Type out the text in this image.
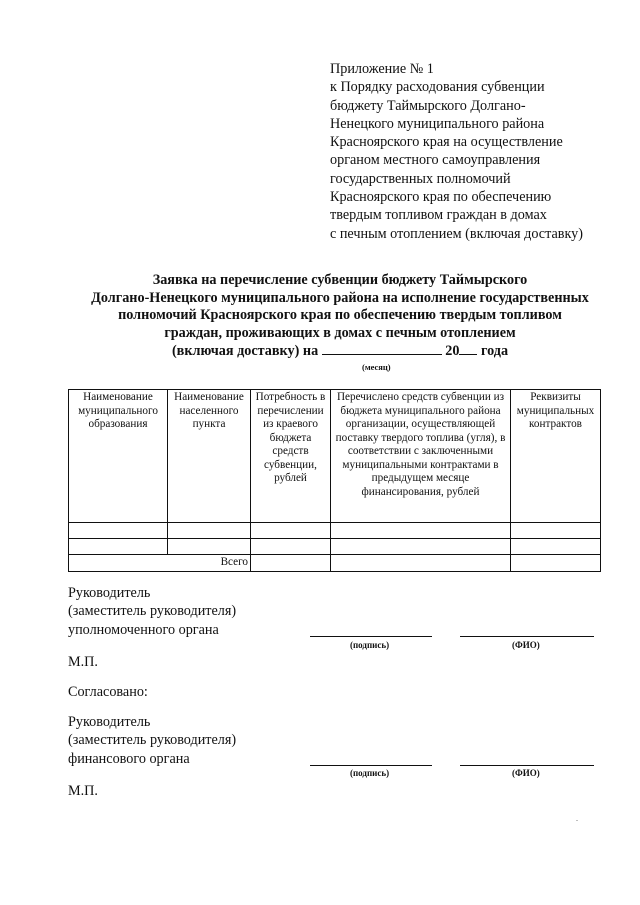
Приложение № 1
к Порядку расходования субвенции
бюджету Таймырского Долгано-
Ненецкого муниципального района
Красноярского края на осуществление
органом местного самоуправления
государственных полномочий
Красноярского края по обеспечению
твердым топливом граждан в домах
с печным отоплением (включая доставку)
Заявка на перечисление субвенции бюджету Таймырского
Долгано-Ненецкого муниципального района на исполнение государственных
полномочий Красноярского края по обеспечению твердым топливом
граждан, проживающих в домах с печным отоплением
(включая доставку) на	20 года
(месяц)
Наименование муниципального образования	Наименование населенного пункта	Потребность в перечислении из краевого бюджета средств субвенции, рублей	Перечислено средств субвенции из бюджета муниципального района организации, осуществляющей поставку твердого топлива (угля), в соответствии с заключенными муниципальными контрактами в предыдущем месяце финансирования, рублей	Реквизиты муниципальных контрактов

Всего				
Руководитель
(заместитель руководителя)
уполномоченного органа
(подпись)	(ФИО)
М.П.
Согласовано:
Руководитель
(заместитель руководителя)
финансового органа
(подпись)	(ФИО)
М.П.
.
